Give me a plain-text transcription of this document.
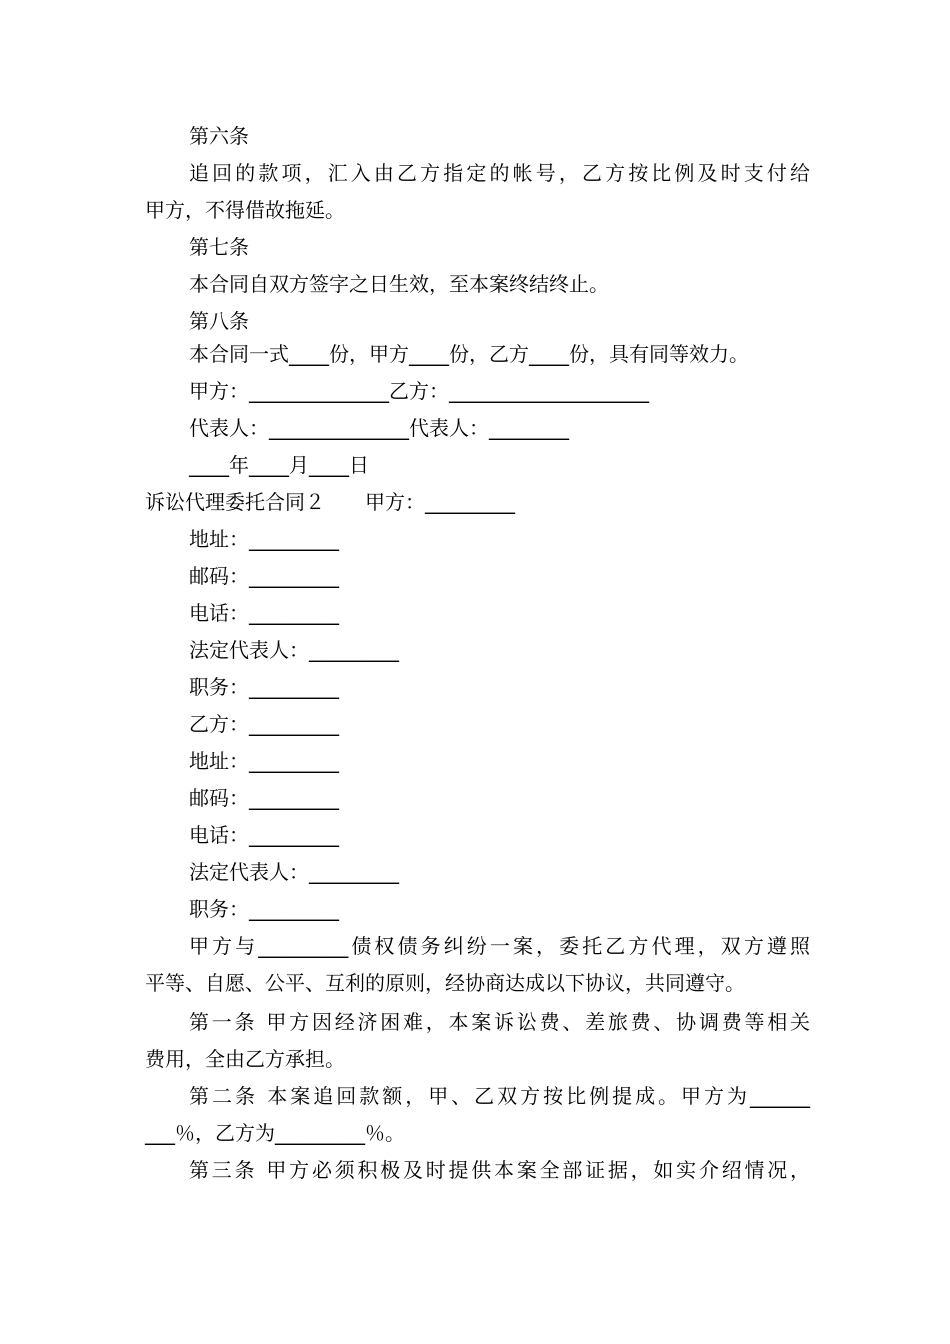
第六条
追回的款项，汇入由乙方指定的帐号，乙方按比例及时支付给
甲方，不得借故拖延。
第七条
本合同自双方签字之日生效，至本案终结终止。
第八条
本合同一式____份，甲方____份，乙方____份，具有同等效力。
甲方：______________乙方：____________________
代表人：______________代表人：________
____年____月____日
诉讼代理委托合同２　　甲方：_________
地址：_________
邮码：_________
电话：_________
法定代表人：_________
职务：_________
乙方：_________
地址：_________
邮码：_________
电话：_________
法定代表人：_________
职务：_________
甲方与_________债权债务纠纷一案，委托乙方代理，双方遵照
平等、自愿、公平、互利的原则，经协商达成以下协议，共同遵守。
第一条 甲方因经济困难，本案诉讼费、差旅费、协调费等相关
费用，全由乙方承担。
第二条 本案追回款额，甲、乙双方按比例提成。甲方为______
___％，乙方为_________％。
第三条 甲方必须积极及时提供本案全部证据，如实介绍情况，
